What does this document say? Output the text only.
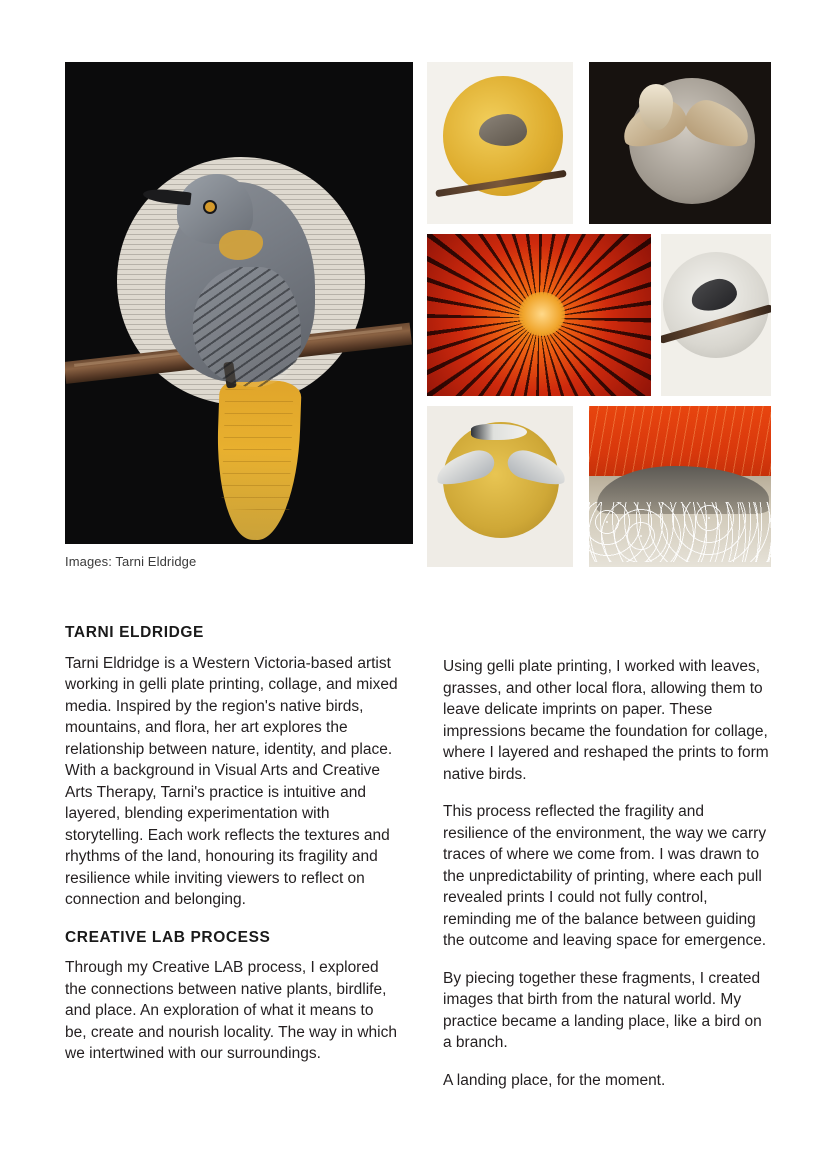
Images: Tarni Eldridge
TARNI ELDRIDGE

Tarni Eldridge is a Western Victoria-based artist working in gelli plate printing, collage, and mixed media. Inspired by the region's native birds, mountains, and flora, her art explores the relationship between nature, identity, and place. With a background in Visual Arts and Creative Arts Therapy, Tarni's practice is intuitive and layered, blending experimentation with storytelling. Each work reflects the textures and rhythms of the land, honouring its fragility and resilience while inviting viewers to reflect on connection and belonging.

CREATIVE LAB PROCESS

Through my Creative LAB process, I explored the connections between native plants, birdlife, and place. An exploration of what it means to be, create and nourish locality. The way in which we intertwined with our surroundings.

Using gelli plate printing, I worked with leaves, grasses, and other local flora, allowing them to leave delicate imprints on paper. These impressions became the foundation for collage, where I layered and reshaped the prints to form native birds.

This process reflected the fragility and resilience of the environment, the way we carry traces of where we come from. I was drawn to the unpredictability of printing, where each pull revealed prints I could not fully control, reminding me of the balance between guiding the outcome and leaving space for emergence.

By piecing together these fragments, I created images that birth from the natural world. My practice became a landing place, like a bird on a branch.

A landing place, for the moment.
